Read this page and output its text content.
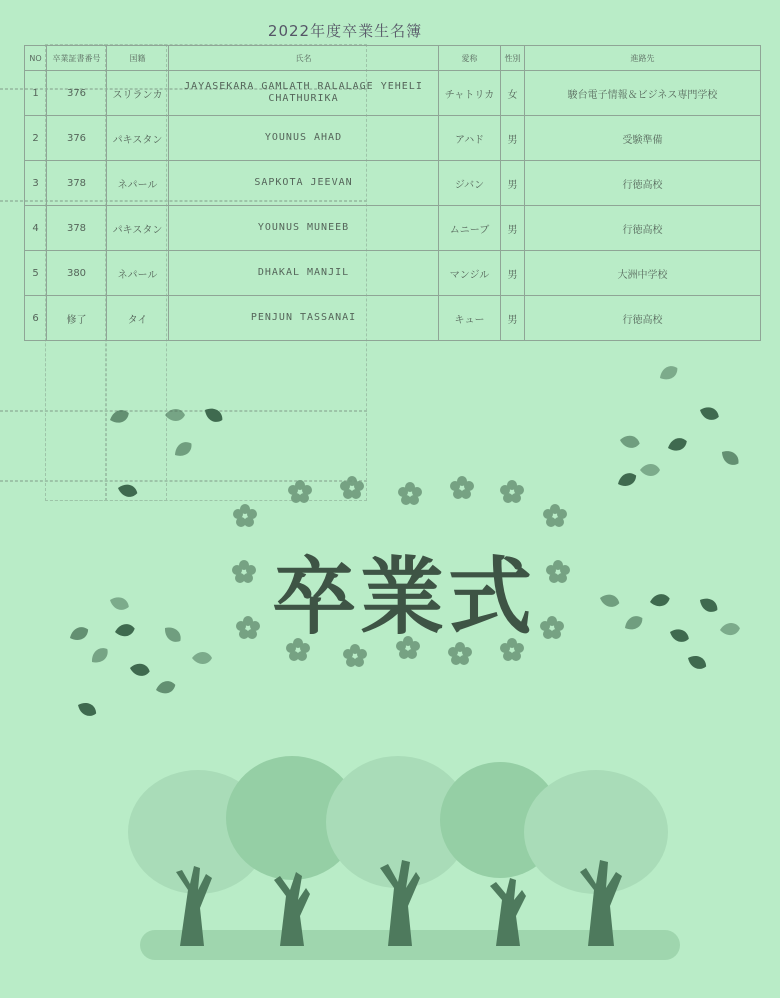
2022年度卒業生名簿
NO	卒業証書番号	国籍	氏名	愛称	性別	進路先
1	376	スリランカ	JAYASEKARA GAMLATH RALALAGE YEHELI CHATHURIKA	チャトリカ	女	駿台電子情報＆ビジネス専門学校
2	376	パキスタン	YOUNUS AHAD	アハド	男	受験準備
3	378	ネパール	SAPKOTA JEEVAN	ジバン	男	行徳高校
4	378	パキスタン	YOUNUS MUNEEB	ムニーブ	男	行徳高校
5	380	ネパール	DHAKAL MANJIL	マンジル	男	大洲中学校
6	修了	タイ	PENJUN TASSANAI	キュー	男	行徳高校
卒業式
